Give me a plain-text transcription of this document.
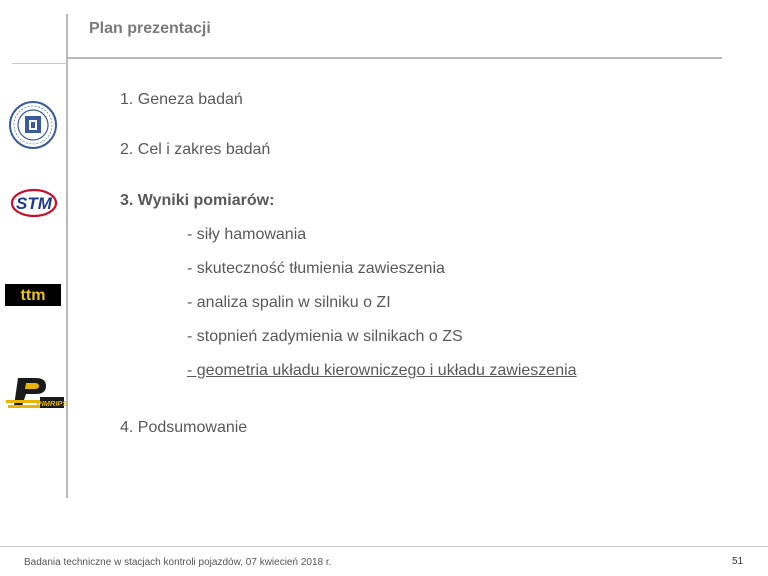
Plan prezentacji
1. Geneza badań
2. Cel i zakres badań
3. Wyniki pomiarów:
- siły hamowania
- skuteczność tłumienia zawieszenia
- analiza spalin w silniku o ZI
- stopnień zadymienia w silnikach o ZS
- geometria układu kierowniczego i układu zawieszenia
4. Podsumowanie
STM
ttm
PIMRIPS
Badania techniczne w stacjach kontroli pojazdów, 07 kwiecień 2018 r.	51
